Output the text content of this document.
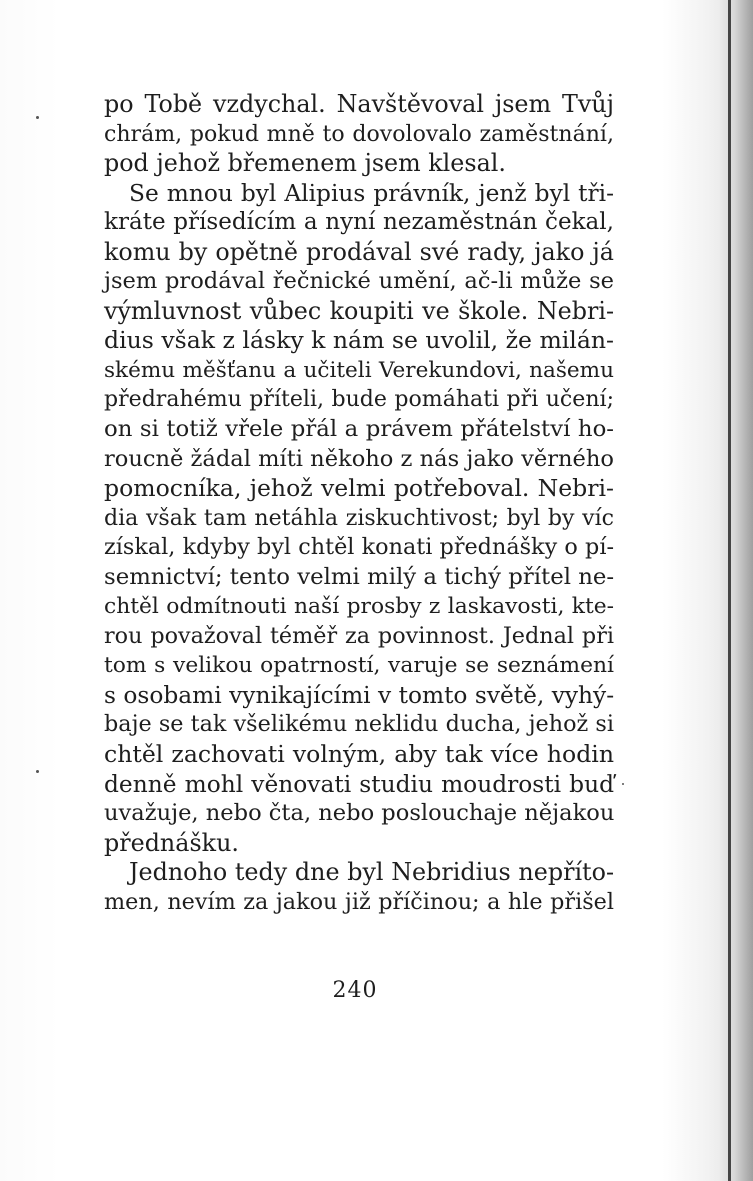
po Tobě vzdychal. Navštěvoval jsem Tvůj
chrám, pokud mně to dovolovalo zaměstnání,
pod jehož břemenem jsem klesal.
Se mnou byl Alipius právník, jenž byl tři-
kráte přísedícím a nyní nezaměstnán čekal,
komu by opětně prodával své rady, jako já
jsem prodával řečnické umění, ač-li může se
výmluvnost vůbec koupiti ve škole. Nebri-
dius však z lásky k nám se uvolil, že milán-
skému měšťanu a učiteli Verekundovi, našemu
předrahému příteli, bude pomáhati při učení;
on si totiž vřele přál a právem přátelství ho-
roucně žádal míti někoho z nás jako věrného
pomocníka, jehož velmi potřeboval. Nebri-
dia však tam netáhla ziskuchtivost; byl by víc
získal, kdyby byl chtěl konati přednášky o pí-
semnictví; tento velmi milý a tichý přítel ne-
chtěl odmítnouti naší prosby z laskavosti, kte-
rou považoval téměř za povinnost. Jednal při
tom s velikou opatrností, varuje se seznámení
s osobami vynikajícími v tomto světě, vyhý-
baje se tak všelikému neklidu ducha, jehož si
chtěl zachovati volným, aby tak více hodin
denně mohl věnovati studiu moudrosti buď
uvažuje, nebo čta, nebo poslouchaje nějakou
přednášku.
Jednoho tedy dne byl Nebridius nepříto-
men, nevím za jakou již příčinou; a hle přišel
240
